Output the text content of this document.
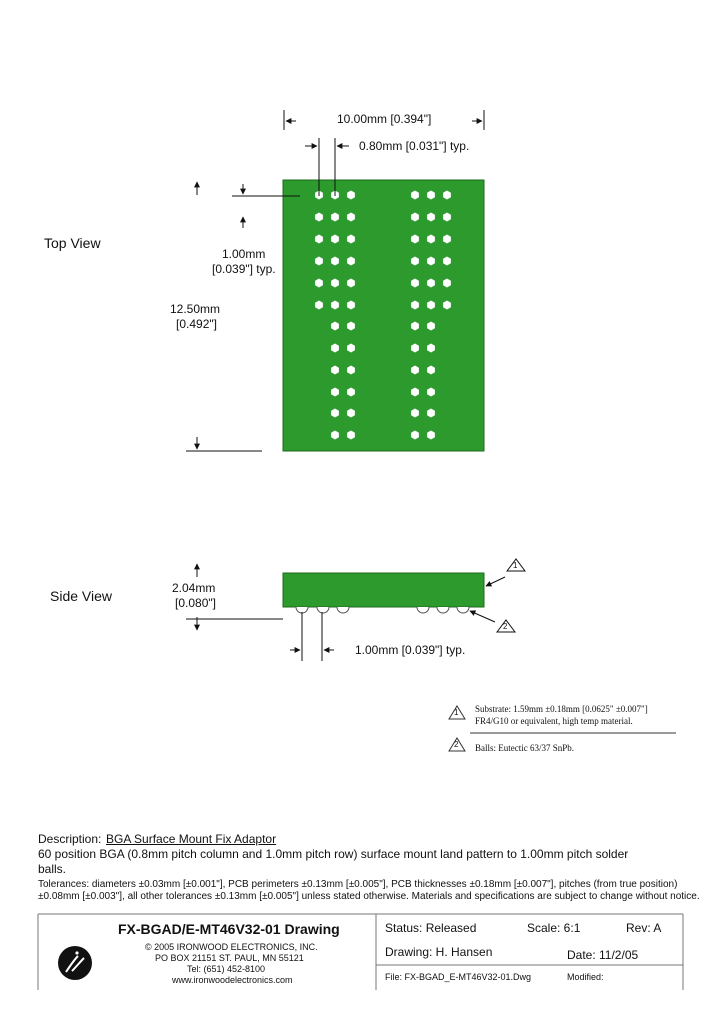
Top View
10.00mm [0.394"]
0.80mm [0.031"] typ.
1.00mm
[0.039"] typ.
12.50mm
[0.492"]
Side View	2.04mm
[0.080"]
1.00mm [0.039"] typ.
1
2
1
2
Substrate: 1.59mm ±0.18mm [0.0625" ±0.007"]
FR4/G10 or equivalent, high temp material.
Balls: Eutectic 63/37 SnPb.
Description: BGA Surface Mount Fix Adaptor
60 position BGA (0.8mm pitch column and 1.0mm pitch row) surface mount land pattern to 1.00mm pitch solder
balls.
Tolerances: diameters ±0.03mm [±0.001"], PCB perimeters ±0.13mm [±0.005"], PCB thicknesses ±0.18mm [±0.007"], pitches (from true position)
±0.08mm [±0.003"], all other tolerances ±0.13mm [±0.005"] unless stated otherwise. Materials and specifications are subject to change without notice.
FX-BGAD/E-MT46V32-01 Drawing
© 2005 IRONWOOD ELECTRONICS, INC.
PO BOX 21151 ST. PAUL, MN 55121
Tel: (651) 452-8100
www.ironwoodelectronics.com
Status: Released	Scale: 6:1	Rev: A
Drawing: H. Hansen	Date: 11/2/05
File: FX-BGAD_E-MT46V32-01.Dwg	Modified:
